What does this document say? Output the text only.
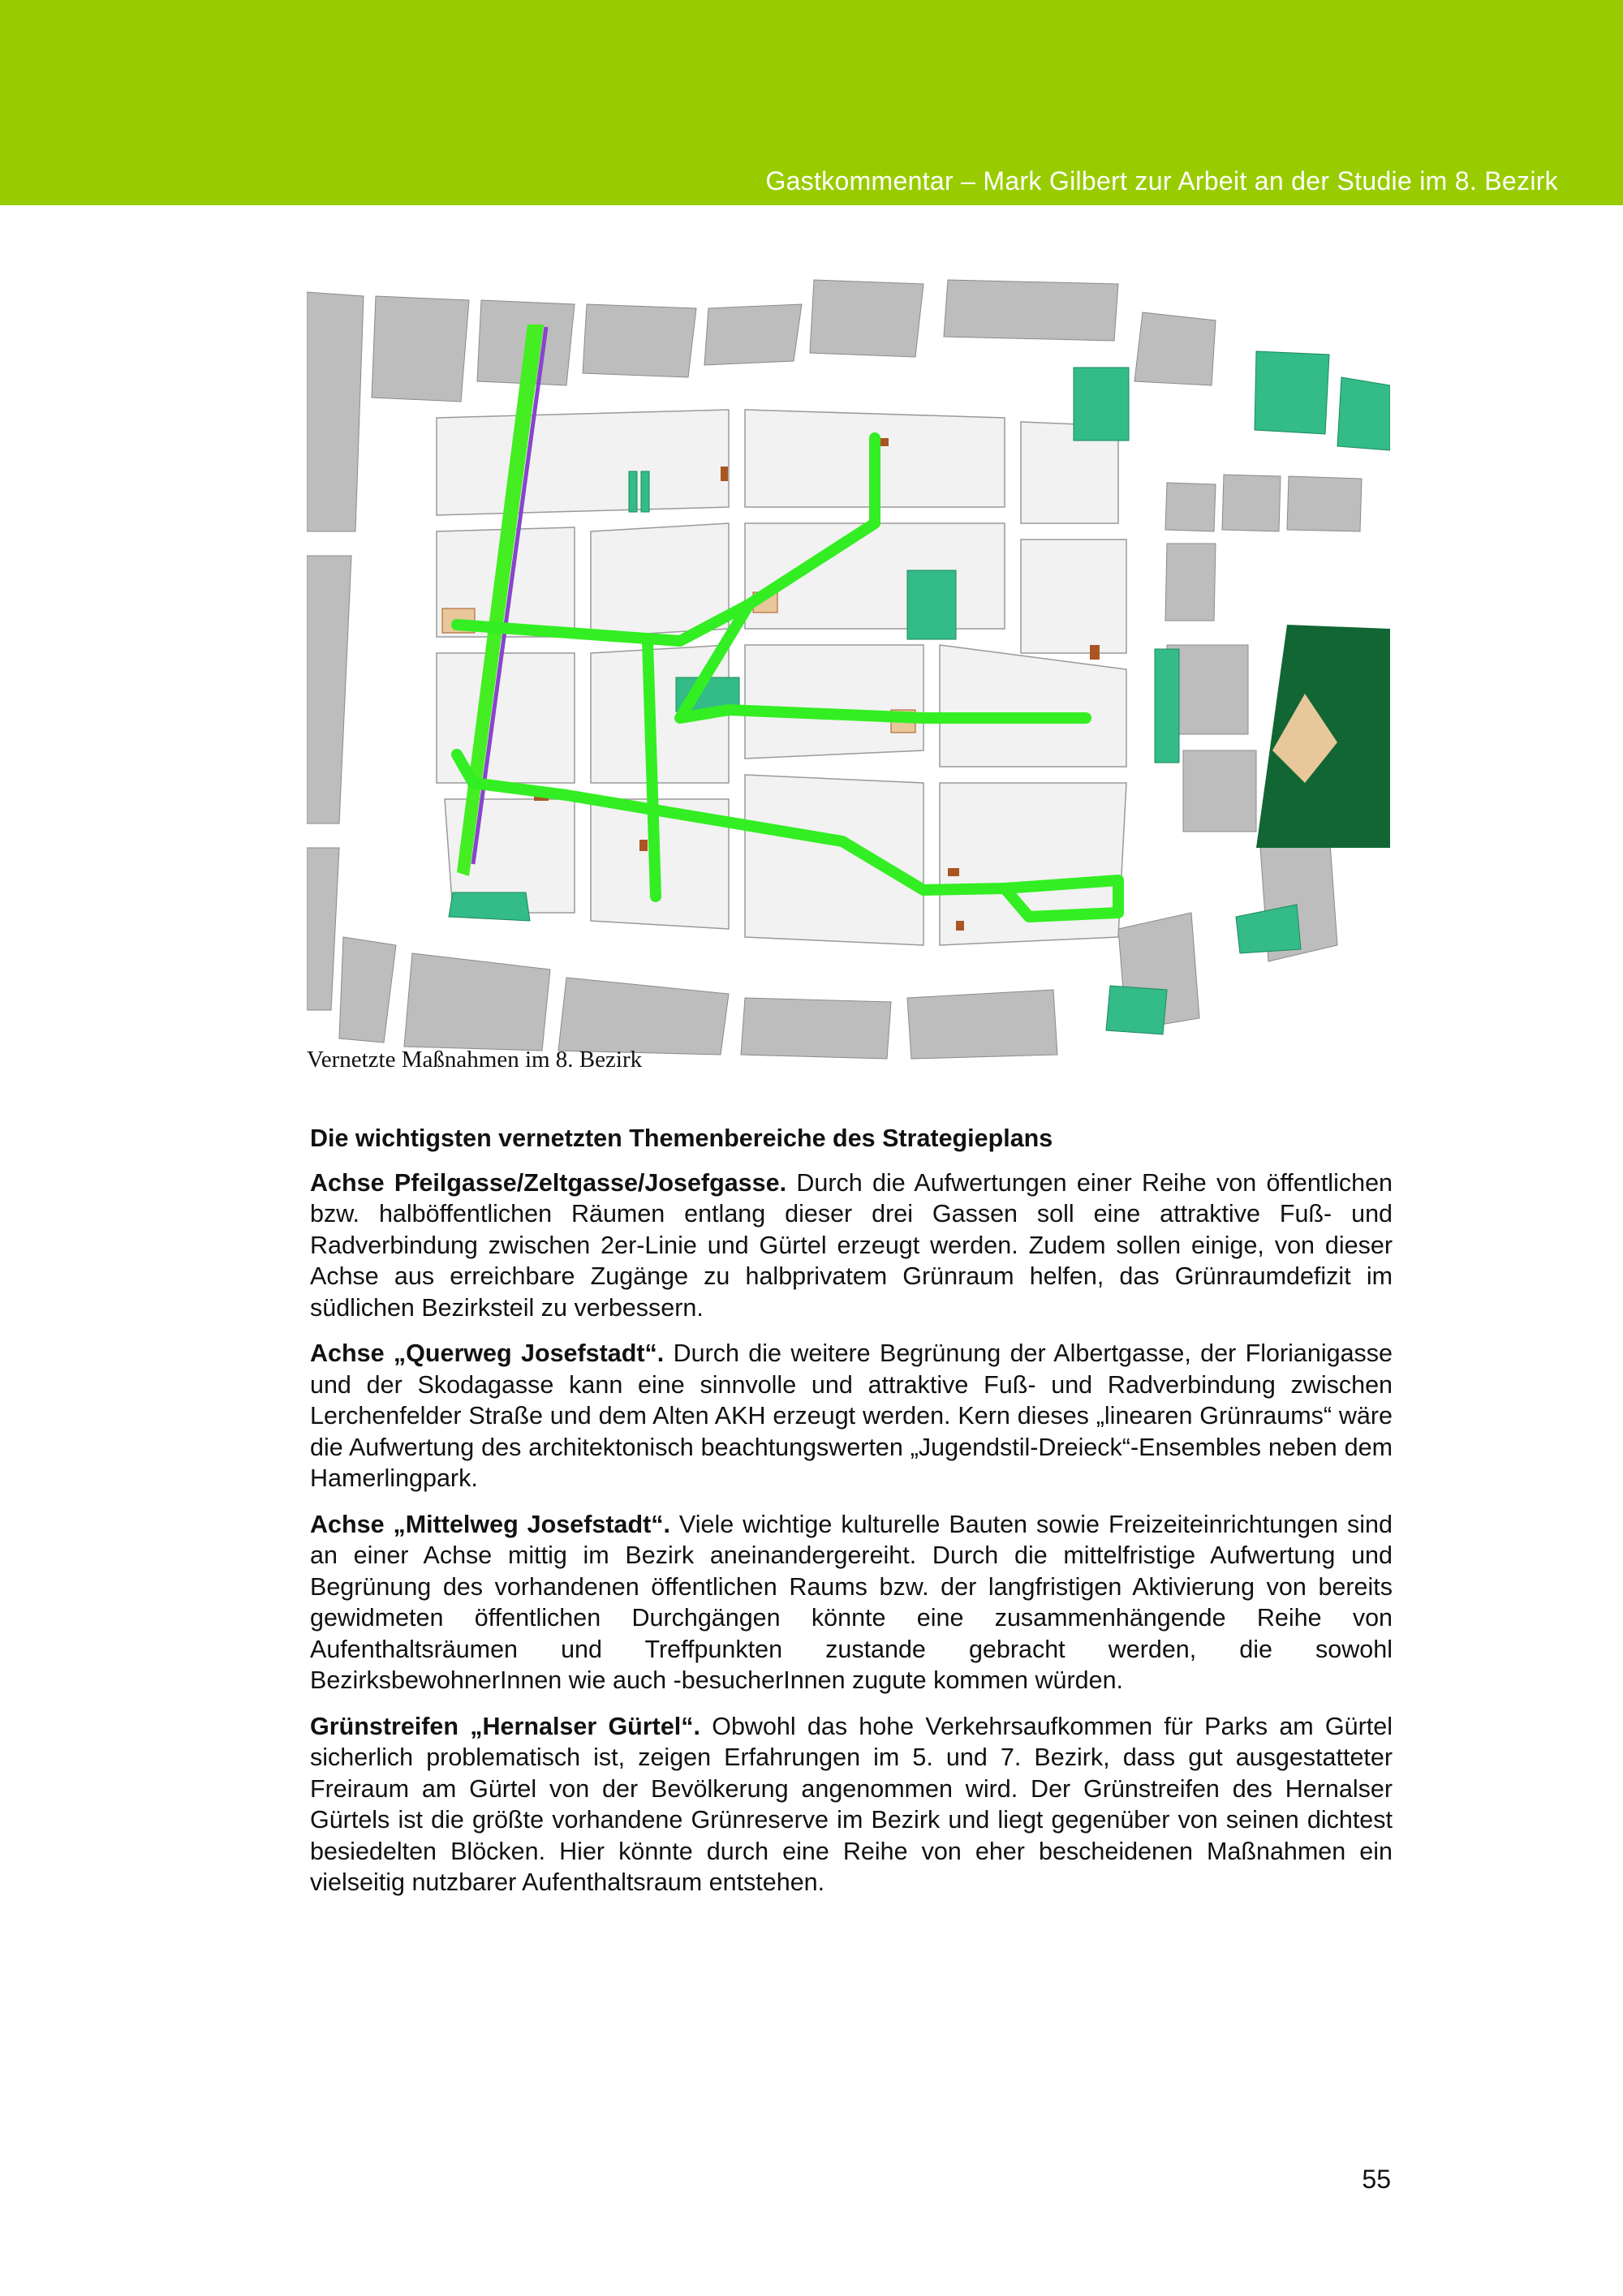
Gastkommentar – Mark Gilbert zur Arbeit an der Studie im 8. Bezirk
Vernetzte Maßnahmen im 8. Bezirk

Die wichtigsten vernetzten Themenbereiche des Strategieplans

Achse Pfeilgasse/Zeltgasse/Josefgasse. Durch die Aufwertungen einer Reihe von öffentlichen bzw. halböffentlichen Räumen entlang dieser drei Gassen soll eine attraktive Fuß- und Radverbindung zwischen 2er-Linie und Gürtel erzeugt werden. Zudem sollen einige, von dieser Achse aus erreichbare Zugänge zu halbprivatem Grünraum helfen, das Grünraumdefizit im südlichen Bezirksteil zu verbessern.

Achse „Querweg Josefstadt“. Durch die weitere Begrünung der Albertgasse, der Florianigasse und der Skodagasse kann eine sinnvolle und attraktive Fuß- und Radverbindung zwischen Lerchenfelder Straße und dem Alten AKH erzeugt werden. Kern dieses „linearen Grünraums“ wäre die Aufwertung des architektonisch beachtungswerten „Jugendstil-Dreieck“-Ensembles neben dem Hamerlingpark.

Achse „Mittelweg Josefstadt“. Viele wichtige kulturelle Bauten sowie Freizeiteinrichtungen sind an einer Achse mittig im Bezirk aneinandergereiht. Durch die mittelfristige Aufwertung und Begrünung des vorhandenen öffentlichen Raums bzw. der langfristigen Aktivierung von bereits gewidmeten öffentlichen Durchgängen könnte eine zusammenhängende Reihe von Aufenthaltsräumen und Treffpunkten zustande gebracht werden, die sowohl BezirksbewohnerInnen wie auch -besucherInnen zugute kommen würden.

Grünstreifen „Hernalser Gürtel“. Obwohl das hohe Verkehrsaufkommen für Parks am Gürtel sicherlich problematisch ist, zeigen Erfahrungen im 5. und 7. Bezirk, dass gut ausgestatteter Freiraum am Gürtel von der Bevölkerung angenommen wird. Der Grünstreifen des Hernalser Gürtels ist die größte vorhandene Grünreserve im Bezirk und liegt gegenüber von seinen dichtest besiedelten Blöcken. Hier könnte durch eine Reihe von eher bescheidenen Maßnahmen ein vielseitig nutzbarer Aufenthaltsraum entstehen.

55
